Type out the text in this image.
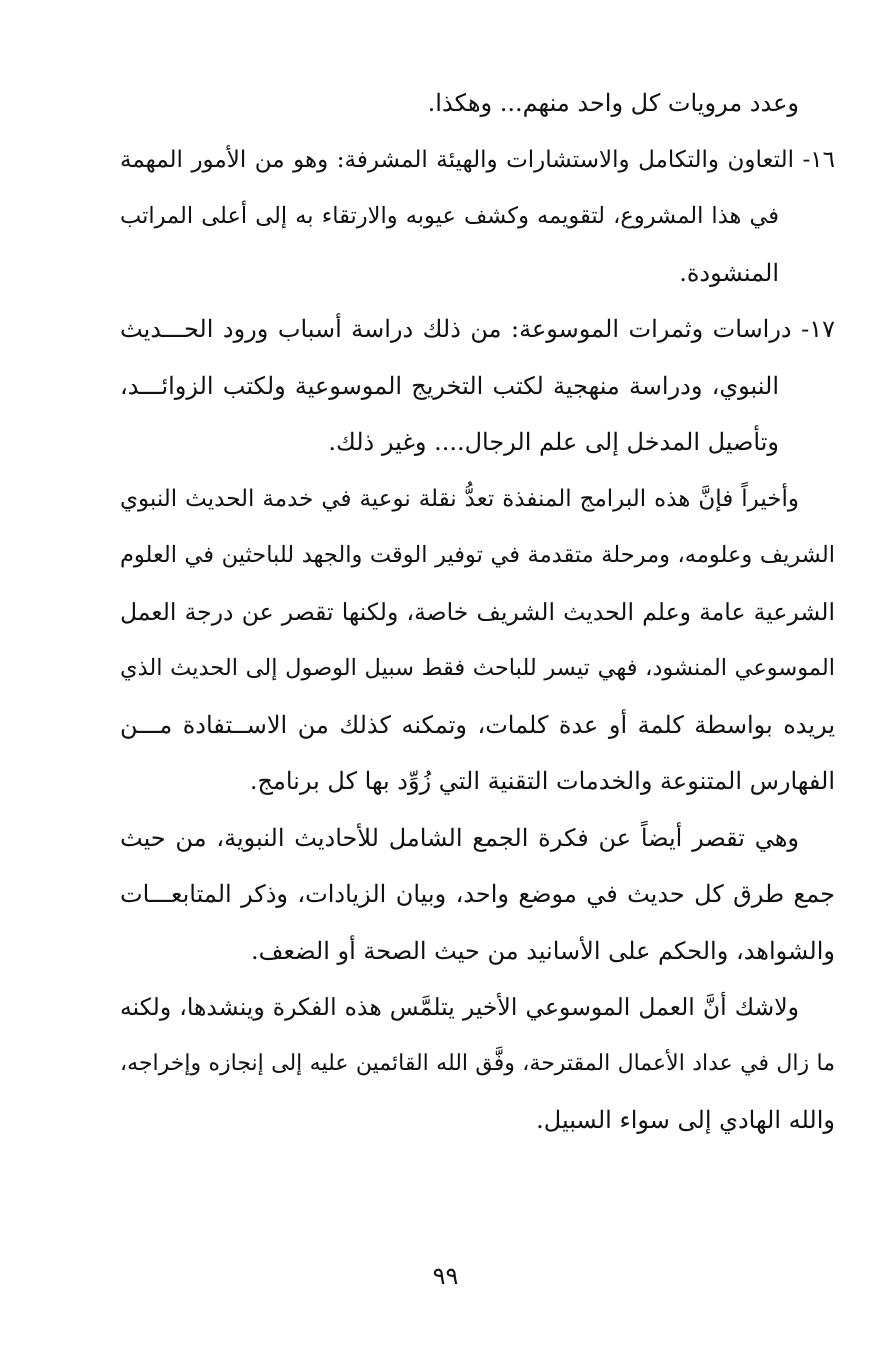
وعدد مرويات كل واحد منهم... وهكذا.
١٦- التعاون والتكامل والاستشارات والهيئة المشرفة: وهو من الأمور المهمة
في هذا المشروع، لتقويمه وكشف عيوبه والارتقاء به إلى أعلى المراتب
المنشودة.
١٧- دراسات وثمرات الموسوعة: من ذلك دراسة أسباب ورود الحـــديث
النبوي، ودراسة منهجية لكتب التخريج الموسوعية ولكتب الزوائـــد،
وتأصيل المدخل إلى علم الرجال.... وغير ذلك.
وأخيراً فإنَّ هذه البرامج المنفذة تعدُّ نقلة نوعية في خدمة الحديث النبوي
الشريف وعلومه، ومرحلة متقدمة في توفير الوقت والجهد للباحثين في العلوم
الشرعية عامة وعلم الحديث الشريف خاصة، ولكنها تقصر عن درجة العمل
الموسوعي المنشود، فهي تيسر للباحث فقط سبيل الوصول إلى الحديث الذي
يريده بواسطة كلمة أو عدة كلمات، وتمكنه كذلك من الاســتفادة مـــن
الفهارس المتنوعة والخدمات التقنية التي زُوِّد بها كل برنامج.
وهي تقصر أيضاً عن فكرة الجمع الشامل للأحاديث النبوية، من حيث
جمع طرق كل حديث في موضع واحد، وبيان الزيادات، وذكر المتابعـــات
والشواهد، والحكم على الأسانيد من حيث الصحة أو الضعف.
ولاشك أنَّ العمل الموسوعي الأخير يتلمَّس هذه الفكرة وينشدها، ولكنه
ما زال في عداد الأعمال المقترحة، وفَّق الله القائمين عليه إلى إنجازه وإخراجه،
والله الهادي إلى سواء السبيل.
٩٩
